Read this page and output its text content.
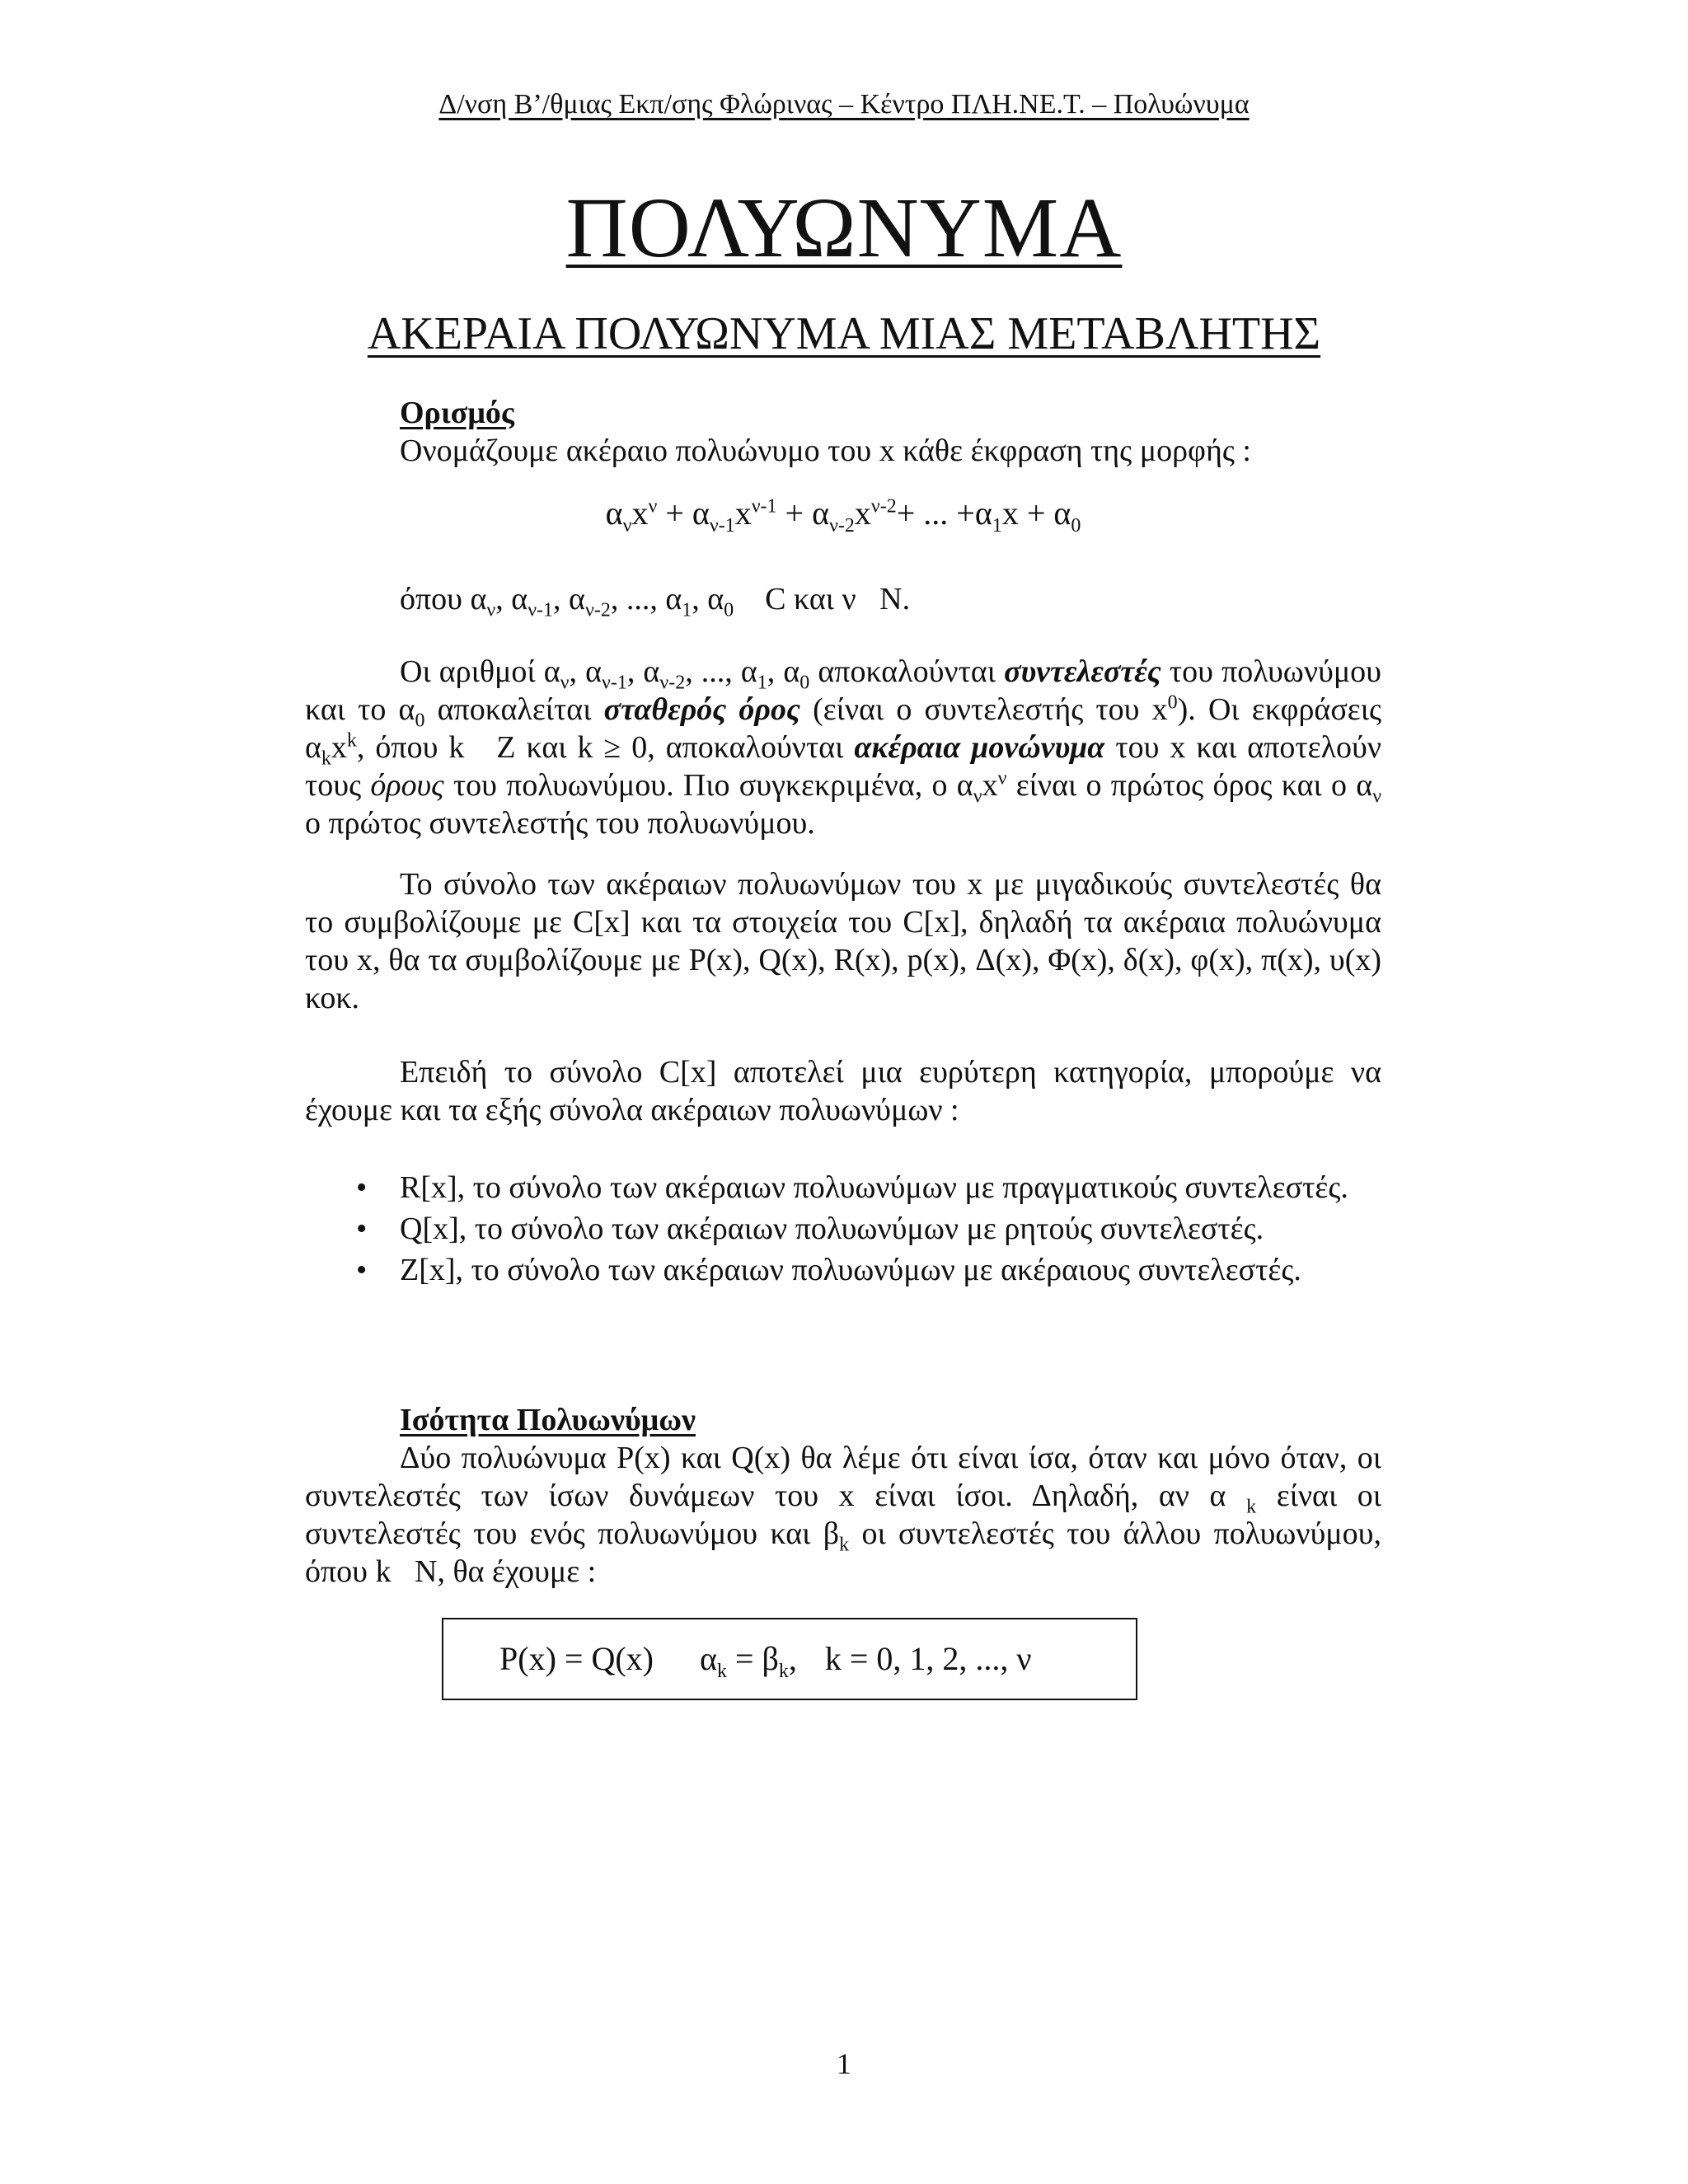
Δ/νση Β’/θμιας Εκπ/σης Φλώρινας – Κέντρο ΠΛΗ.ΝΕ.Τ. – Πολυώνυμα
ΠΟΛΥΩΝΥΜΑ
ΑΚΕΡΑΙΑ ΠΟΛΥΩΝΥΜΑ ΜΙΑΣ ΜΕΤΑΒΛΗΤΗΣ

Ορισμός

Ονομάζουμε ακέραιο πολυώνυμο του x κάθε έκφραση της μορφής :

$\alpha_\nu x^\nu + \alpha_{\nu-1}x^{\nu-1} + \alpha_{\nu-2}x^{\nu-2}+$ ... $+\alpha_1x + \alpha_0$

όπου $\alpha_\nu$, $\alpha_{\nu-1}$, $\alpha_{\nu-2}$, ..., $\alpha_1$, $\alpha_0$ C και ν N.

Οι αριθμοί $\alpha_\nu$, $\alpha_{\nu-1}$, $\alpha_{\nu-2}$, ..., $\alpha_1$, $\alpha_0$ αποκαλούνται συντελεστές του πολυωνύμου και το $\alpha_0$ αποκαλείται σταθερός όρος (είναι ο συντελεστής του $x^0$). Οι εκφράσεις $\alpha_kx^k$, όπου k Z και k ≥ 0, αποκαλούνται ακέραια μονώνυμα του x και αποτελούν τους όρους του πολυωνύμου. Πιο συγκεκριμένα, ο $\alpha_\nu x^\nu$ είναι ο πρώτος όρος και ο $\alpha_\nu$ ο πρώτος συντελεστής του πολυωνύμου.

Το σύνολο των ακέραιων πολυωνύμων του x με μιγαδικούς συντελεστές θα το συμβολίζουμε με C[x] και τα στοιχεία του C[x], δηλαδή τα ακέραια πολυώνυμα του x, θα τα συμβολίζουμε με P(x), Q(x), R(x), p(x), Δ(x), Φ(x), δ(x), φ(x), π(x), υ(x) κοκ.

Επειδή το σύνολο C[x] αποτελεί μια ευρύτερη κατηγορία, μπορούμε να έχουμε και τα εξής σύνολα ακέραιων πολυωνύμων :

• R[x], το σύνολο των ακέραιων πολυωνύμων με πραγματικούς συντελεστές.
• Q[x], το σύνολο των ακέραιων πολυωνύμων με ρητούς συντελεστές.
• Z[x], το σύνολο των ακέραιων πολυωνύμων με ακέραιους συντελεστές.

Ισότητα Πολυωνύμων

Δύο πολυώνυμα P(x) και Q(x) θα λέμε ότι είναι ίσα, όταν και μόνο όταν, οι συντελεστές των ίσων δυνάμεων του x είναι ίσοι. Δηλαδή, αν α $_k$ είναι οι συντελεστές του ενός πολυωνύμου και $\beta_k$ οι συντελεστές του άλλου πολυωνύμου, όπου k N, θα έχουμε :

P(x) = Q(x) $\alpha_k = \beta_k$, k = 0, 1, 2, ..., ν
1
